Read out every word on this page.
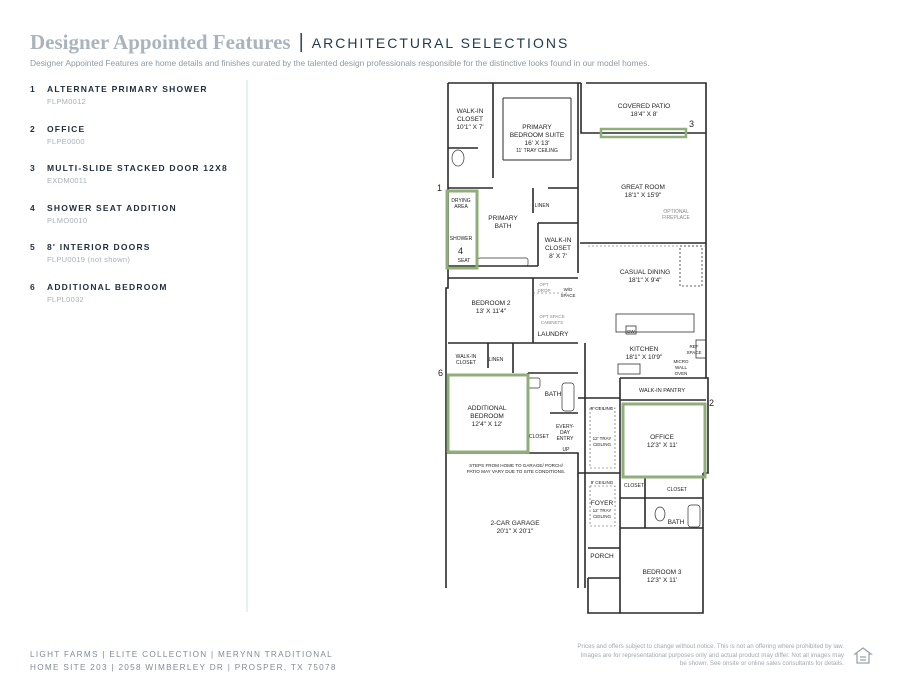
Designer Appointed Features | ARCHITECTURAL SELECTIONS
Designer Appointed Features are home details and finishes curated by the talented design professionals responsible for the distinctive looks found in our model homes.
1	ALTERNATE PRIMARY SHOWER
FLPM0012
2	OFFICE
FLPE0000
3	MULTI-SLIDE STACKED DOOR 12X8
EXDM0011
4	SHOWER SEAT ADDITION
PLMO0010
5	8' INTERIOR DOORS
FLPU0019 (not shown)
6	ADDITIONAL BEDROOM
FLPL0032
1
2
3
4
6
WALK-IN
CLOSET
10'1" X 7'	PRIMARY
BEDROOM SUITE
16' X 13'
11' TRAY CEILING
COVERED PATIO
18'4" X 8'
GREAT ROOM
18'1" X 15'9"
OPTIONAL
FIREPLACE
DRYING
AREA
SHOWER
SEAT
PRIMARY
BATH
LINEN
WALK-IN
CLOSET
8' X 7'
CASUAL DINING
18'1" X 9'4"
BEDROOM 2
13' X 11'4"
W/D
SPACE
OPT
DROP
OPT SPACE
CABINETS
LAUNDRY	DW
KITCHEN
18'1" X 10'9"
REF
SPACE
MICRO
WALL
OVEN
WALK-IN
CLOSET	LINEN
WALK-IN PANTRY
ADDITIONAL
BEDROOM
12'4" X 12'
BATH
9' CEILING
12' TRAY
CEILING
OFFICE
12'3" X 11'
CLOSET
EVERY-
DAY
ENTRY
UP
STEPS FROM HOME TO GARAGE/ PORCH/
PATIO MAY VARY DUE TO SITE CONDITIONS.
9' CEILING
CLOSET
CLOSET
FOYER
12' TRAY
CEILING
BATH
2-CAR GARAGE
20'1" X 20'1"
PORCH
BEDROOM 3
12'3" X 11'
LIGHT FARMS | ELITE COLLECTION | MERYNN TRADITIONAL
HOME SITE 203 | 2058 WIMBERLEY DR | PROSPER, TX 75078
Prices and offers subject to change without notice. This is not an offering where prohibited by law. Images are for representational purposes only and actual product may differ. Not all images may be shown. See onsite or online sales consultants for details.
